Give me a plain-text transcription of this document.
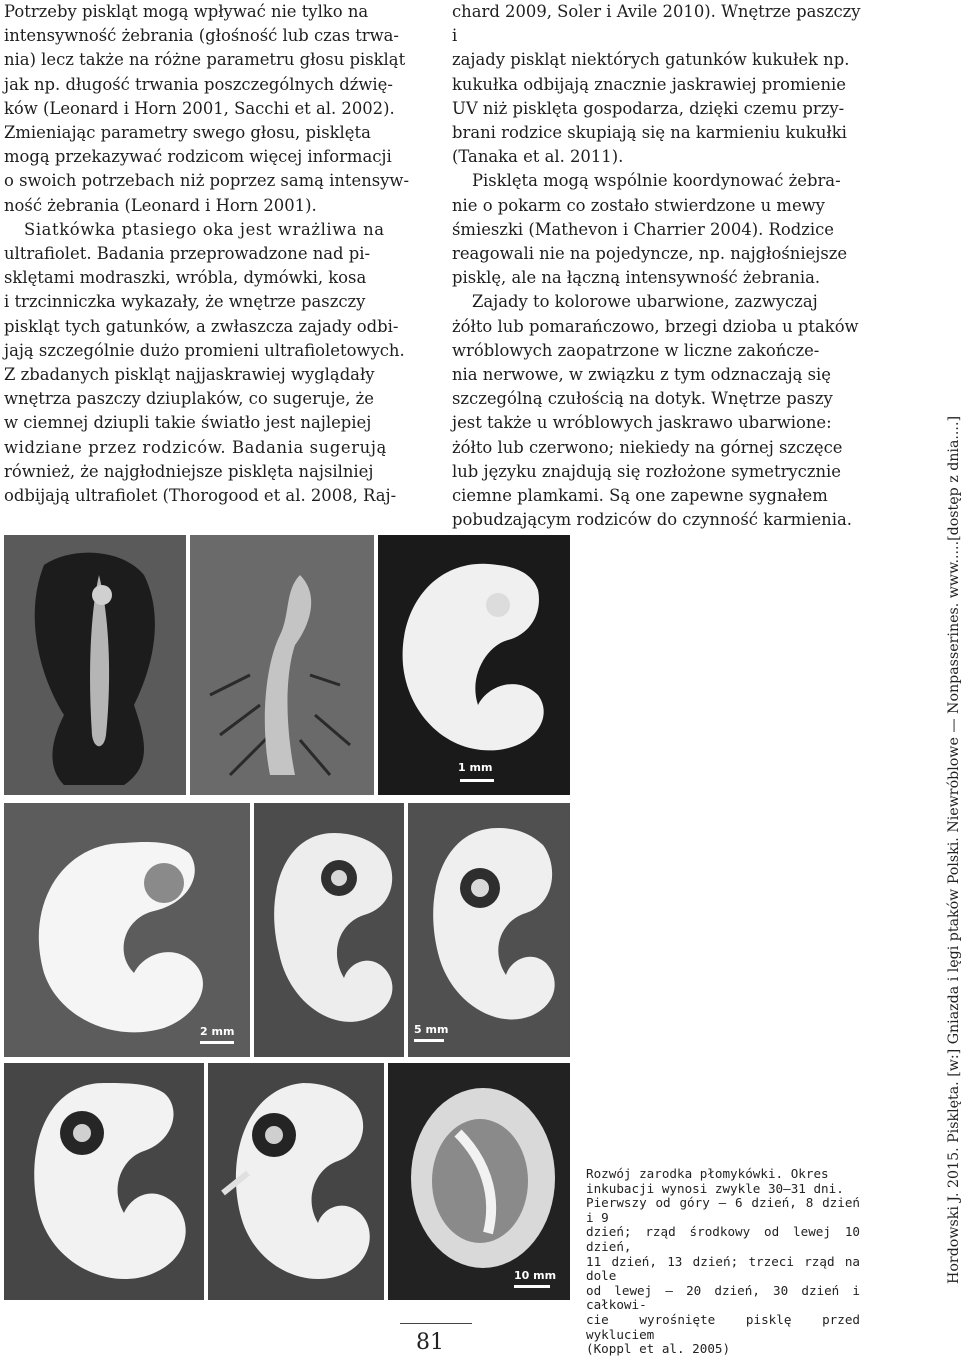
Potrzeby piskląt mogą wpływać nie tylko na

intensywność żebrania (głośność lub czas trwa-

nia) lecz także na różne parametru głosu piskląt

jak np. długość trwania poszczególnych dźwię-

ków (Leonard i Horn 2001, Sacchi et al. 2002).

Zmieniając parametry swego głosu, pisklęta

mogą przekazywać rodzicom więcej informacji

o swoich potrzebach niż poprzez samą intensyw-

ność żebrania (Leonard i Horn 2001).

Siatkówka ptasiego oka jest wrażliwa na

ultrafiolet. Badania przeprowadzone nad pi-

sklętami modraszki, wróbla, dymówki, kosa

i trzcinniczka wykazały, że wnętrze paszczy

piskląt tych gatunków, a zwłaszcza zajady odbi-

jają szczególnie dużo promieni ultrafioletowych.

Z zbadanych piskląt najjaskrawiej wyglądały

wnętrza paszczy dziuplaków, co sugeruje, że

w ciemnej dziupli takie światło jest najlepiej

widziane przez rodziców. Badania sugerują

również, że najgłodniejsze pisklęta najsilniej

odbijają ultrafiolet (Thorogood et al. 2008, Raj-

chard 2009, Soler i Avile 2010). Wnętrze paszczy i

zajady piskląt niektórych gatunków kukułek np.

kukułka odbijają znacznie jaskrawiej promienie

UV niż pisklęta gospodarza, dzięki czemu przy-

brani rodzice skupiają się na karmieniu kukułki

(Tanaka et al. 2011).

Pisklęta mogą wspólnie koordynować żebra-

nie o pokarm co zostało stwierdzone u mewy

śmieszki (Mathevon i Charrier 2004). Rodzice

reagowali nie na pojedyncze, np. najgłośniejsze

pisklę, ale na łączną intensywność żebrania.

Zajady to kolorowe ubarwione, zazwyczaj

żółto lub pomarańczowo, brzegi dzioba u ptaków

wróblowych zaopatrzone w liczne zakończe-

nia nerwowe, w związku z tym odznaczają się

szczególną czułością na dotyk. Wnętrze paszy

jest także u wróblowych jaskrawo ubarwione:

żółto lub czerwono; niekiedy na górnej szczęce

lub języku znajdują się rozłożone symetrycznie

ciemne plamkami. Są one zapewne sygnałem

pobudzającym rodziców do czynność karmienia.

1 mm
2 mm	5 mm
10 mm

Rozwój zarodka płomykówki. Okres

inkubacji wynosi zwykle 30–31 dni.

Pierwszy od góry – 6 dzień, 8 dzień i 9

dzień; rząd środkowy od lewej 10 dzień,

11 dzień, 13 dzień; trzeci rząd na dole

od lewej – 20 dzień, 30 dzień i całkowi-

cie wyrośnięte pisklę przed wykluciem

(Koppl et al. 2005)

81
Hordowski J. 2015. Pisklęta. [w:] Gniazda i lęgi ptaków Polski. Niewróblowe — Nonpasserines. www.....[dostęp z dnia....]
